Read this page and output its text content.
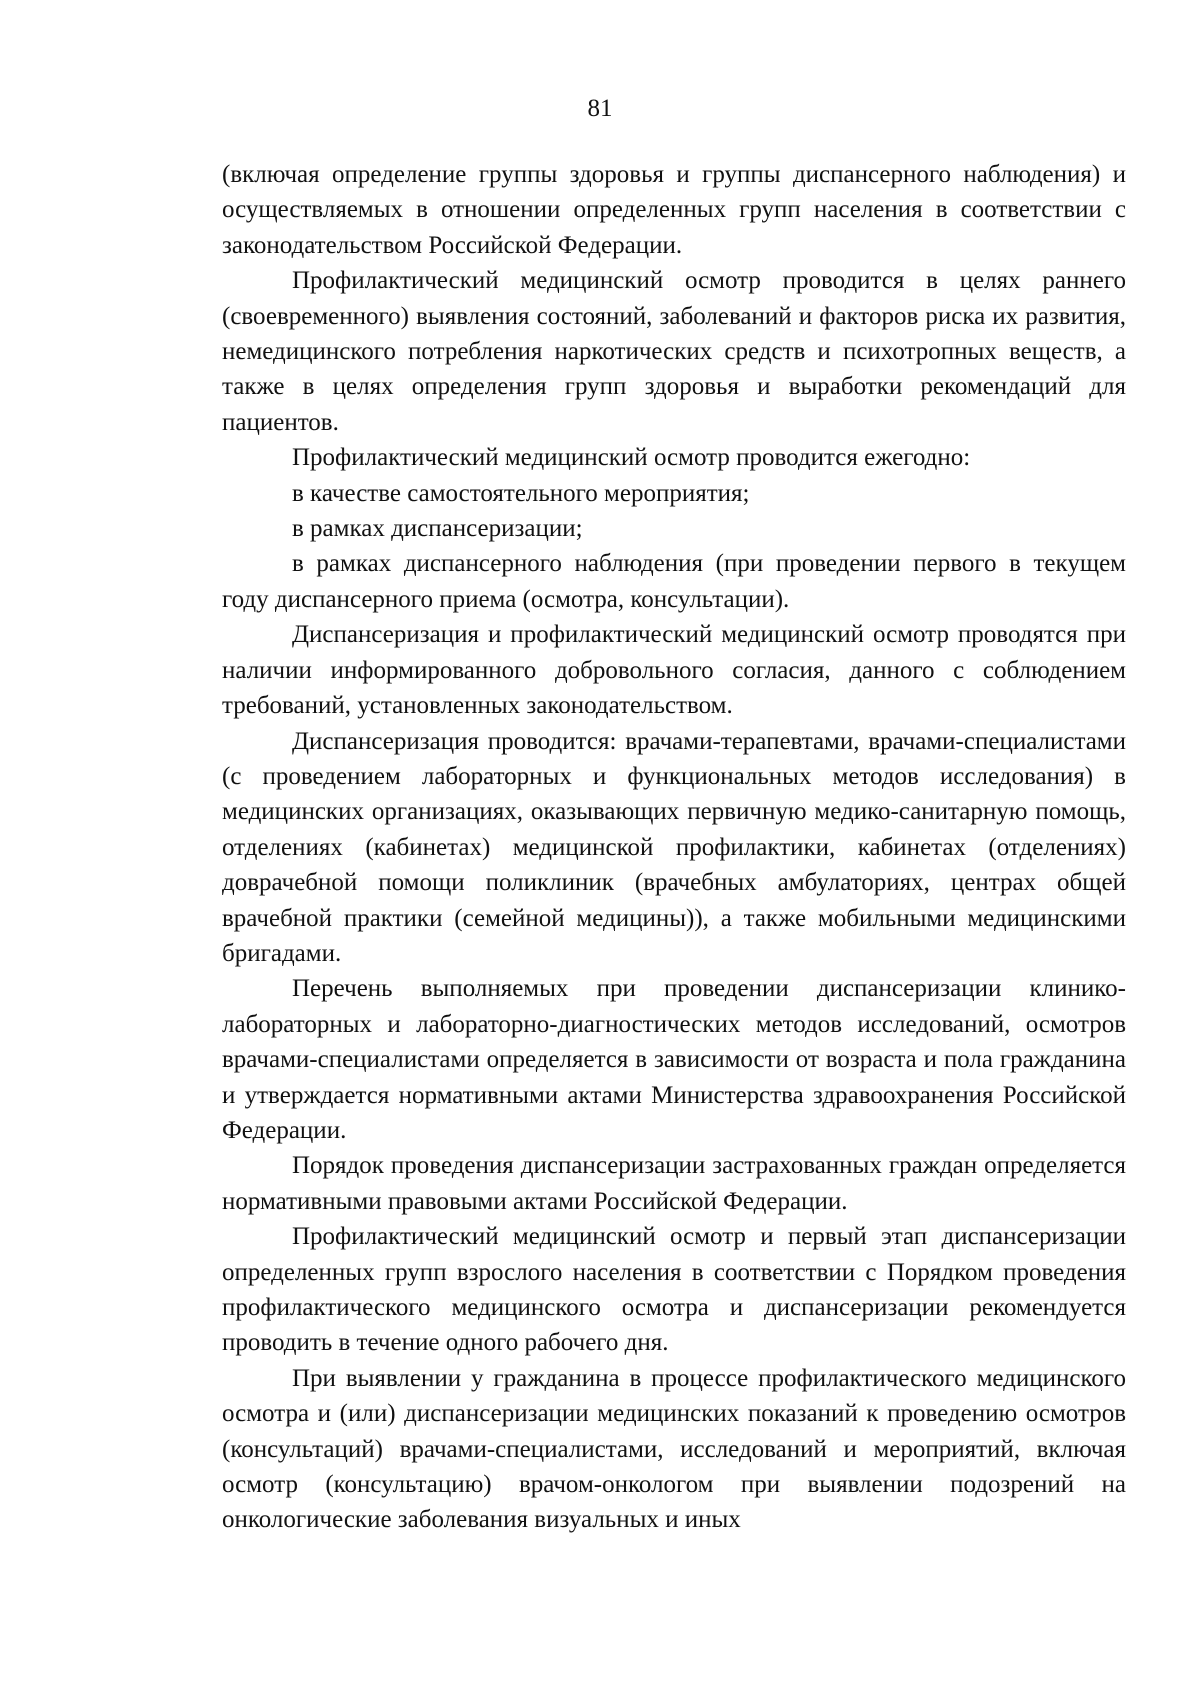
81

(включая определение группы здоровья и группы диспансерного наблюдения) и осуществляемых в отношении определенных групп населения в соответствии с законодательством Российской Федерации.

Профилактический медицинский осмотр проводится в целях раннего (своевременного) выявления состояний, заболеваний и факторов риска их развития, немедицинского потребления наркотических средств и психотропных веществ, а также в целях определения групп здоровья и выработки рекомендаций для пациентов.

Профилактический медицинский осмотр проводится ежегодно:

в качестве самостоятельного мероприятия;

в рамках диспансеризации;

в рамках диспансерного наблюдения (при проведении первого в текущем году диспансерного приема (осмотра, консультации).

Диспансеризация и профилактический медицинский осмотр проводятся при наличии информированного добровольного согласия, данного с соблюдением требований, установленных законодательством.

Диспансеризация проводится: врачами-терапевтами, врачами-специалистами (с проведением лабораторных и функциональных методов исследования) в медицинских организациях, оказывающих первичную медико-санитарную помощь, отделениях (кабинетах) медицинской профилактики, кабинетах (отделениях) доврачебной помощи поликлиник (врачебных амбулаториях, центрах общей врачебной практики (семейной медицины)), а также мобильными медицинскими бригадами.

Перечень выполняемых при проведении диспансеризации клинико-лабораторных и лабораторно-диагностических методов исследований, осмотров врачами-специалистами определяется в зависимости от возраста и пола гражданина и утверждается нормативными актами Министерства здравоохранения Российской Федерации.

Порядок проведения диспансеризации застрахованных граждан определяется нормативными правовыми актами Российской Федерации.

Профилактический медицинский осмотр и первый этап диспансеризации определенных групп взрослого населения в соответствии с Порядком проведения профилактического медицинского осмотра и диспансеризации рекомендуется проводить в течение одного рабочего дня.

При выявлении у гражданина в процессе профилактического медицинского осмотра и (или) диспансеризации медицинских показаний к проведению осмотров (консультаций) врачами-специалистами, исследований и мероприятий, включая осмотр (консультацию) врачом-онкологом при выявлении подозрений на онкологические заболевания визуальных и иных
